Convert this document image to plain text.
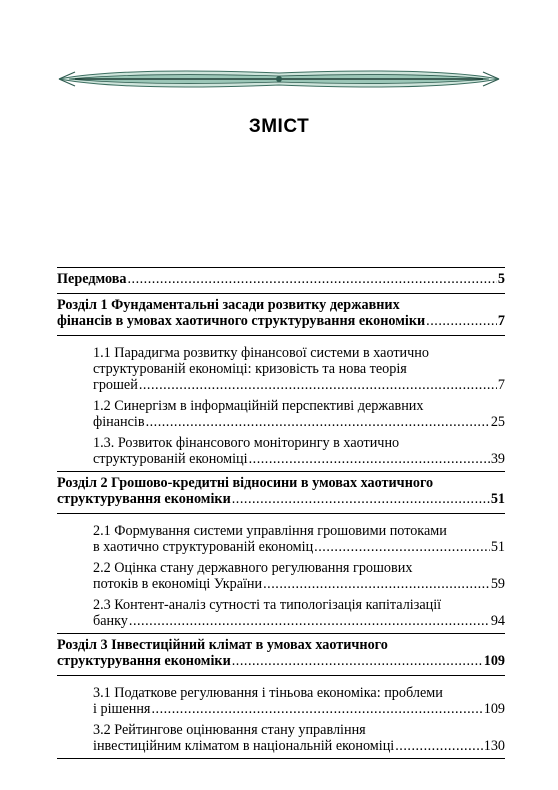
ЗМІСТ
Передмова .....	5
Розділ 1 Фундаментальні засади розвитку державних
фінансів в умовах хаотичного структурування економіки .....	7
1.1 Парадигма розвитку фінансової системи в хаотично
структурованій економіці: кризовість та нова теорія
грошей .....	7
1.2 Синергізм в інформаційній перспективі державних
фінансів .....	25
1.3. Розвиток фінансового моніторингу в хаотично
структурованій економіці .....	39
Розділ 2 Грошово-кредитні відносини в умовах хаотичного
структурування економіки .....	51
2.1 Формування системи управління грошовими потоками
в хаотично структурованій економіц .....	51
2.2 Оцінка стану державного регулювання грошових
потоків в економіці України .....	59
2.3 Контент-аналіз сутності та типологізація капіталізації
банку .....	94
Розділ 3 Інвестиційний клімат в умовах хаотичного
структурування економіки .....	109
3.1 Податкове регулювання і тіньова економіка: проблеми
і рішення .....	109
3.2 Рейтингове оцінювання стану управління
інвестиційним кліматом в національній економіці .....	130
